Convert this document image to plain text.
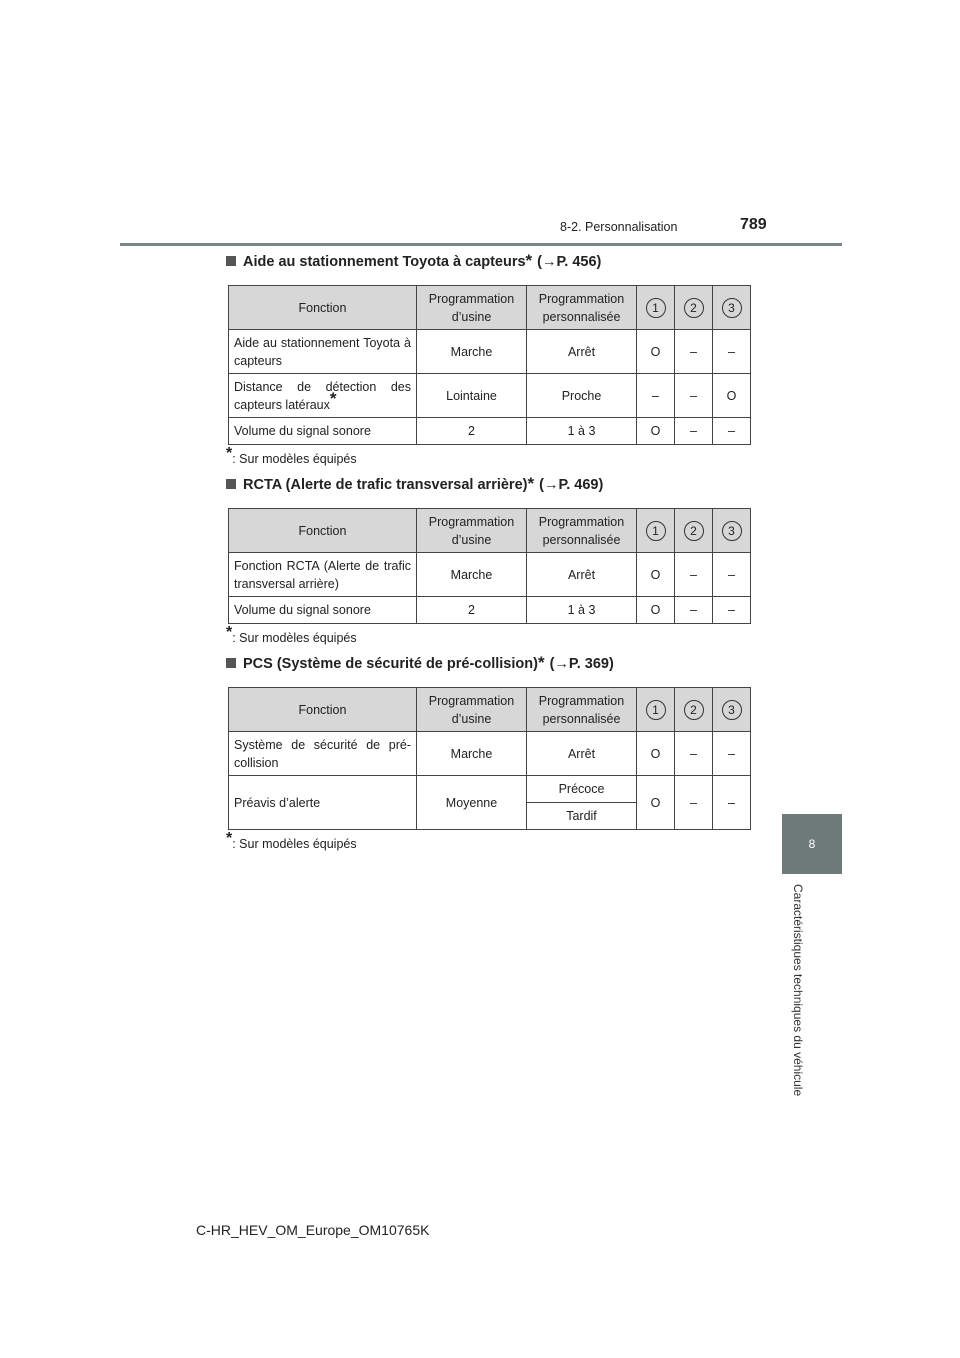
8-2. Personnalisation	789
8
Caractéristiques techniques du véhicule
Aide au stationnement Toyota à capteurs * (→P. 456)
Fonction	Programmation d’usine	Programmation personnalisée	1	2	3
Aide au stationnement Toyota à capteurs	Marche	Arrêt	O	–	–
Distance de détection des capteurs latéraux*	Lointaine	Proche	–	–	O
Volume du signal sonore	2	1 à 3	O	–	–
*: Sur modèles équipés
RCTA (Alerte de trafic transversal arrière) * (→P. 469)
Fonction	Programmation d’usine	Programmation personnalisée	1	2	3
Fonction RCTA (Alerte de trafic transversal arrière)	Marche	Arrêt	O	–	–
Volume du signal sonore	2	1 à 3	O	–	–
*: Sur modèles équipés
PCS (Système de sécurité de pré-collision) * (→P. 369)
Fonction	Programmation d’usine	Programmation personnalisée	1	2	3
Système de sécurité de pré-collision	Marche	Arrêt	O	–	–
Préavis d’alerte	Moyenne	Précoce	O	–	–
		Tardif			
*: Sur modèles équipés
C-HR_HEV_OM_Europe_OM10765K
